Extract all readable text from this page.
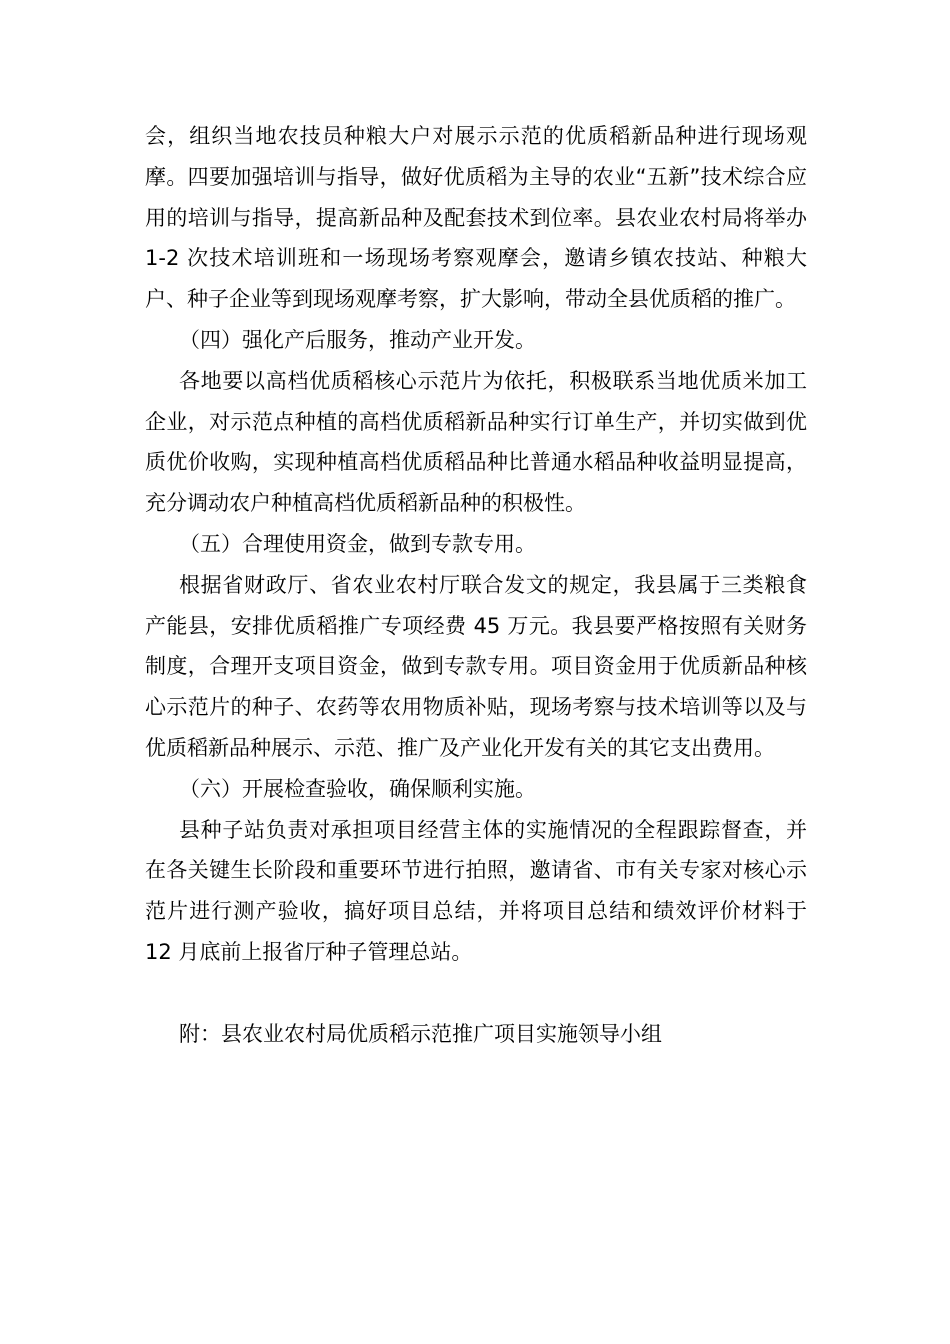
会，组织当地农技员种粮大户对展示示范的优质稻新品种进行现场观摩。四要加强培训与指导，做好优质稻为主导的农业“五新”技术综合应用的培训与指导，提高新品种及配套技术到位率。县农业农村局将举办 1-2 次技术培训班和一场现场考察观摩会，邀请乡镇农技站、种粮大户、种子企业等到现场观摩考察，扩大影响，带动全县优质稻的推广。

（四）强化产后服务，推动产业开发。

各地要以高档优质稻核心示范片为依托，积极联系当地优质米加工企业，对示范点种植的高档优质稻新品种实行订单生产，并切实做到优质优价收购，实现种植高档优质稻品种比普通水稻品种收益明显提高，充分调动农户种植高档优质稻新品种的积极性。

（五）合理使用资金，做到专款专用。

根据省财政厅、省农业农村厅联合发文的规定，我县属于三类粮食产能县，安排优质稻推广专项经费 45 万元。我县要严格按照有关财务制度，合理开支项目资金，做到专款专用。项目资金用于优质新品种核心示范片的种子、农药等农用物质补贴，现场考察与技术培训等以及与优质稻新品种展示、示范、推广及产业化开发有关的其它支出费用。

（六）开展检查验收，确保顺利实施。

县种子站负责对承担项目经营主体的实施情况的全程跟踪督查，并在各关键生长阶段和重要环节进行拍照，邀请省、市有关专家对核心示范片进行测产验收，搞好项目总结，并将项目总结和绩效评价材料于 12 月底前上报省厅种子管理总站。

附：县农业农村局优质稻示范推广项目实施领导小组
